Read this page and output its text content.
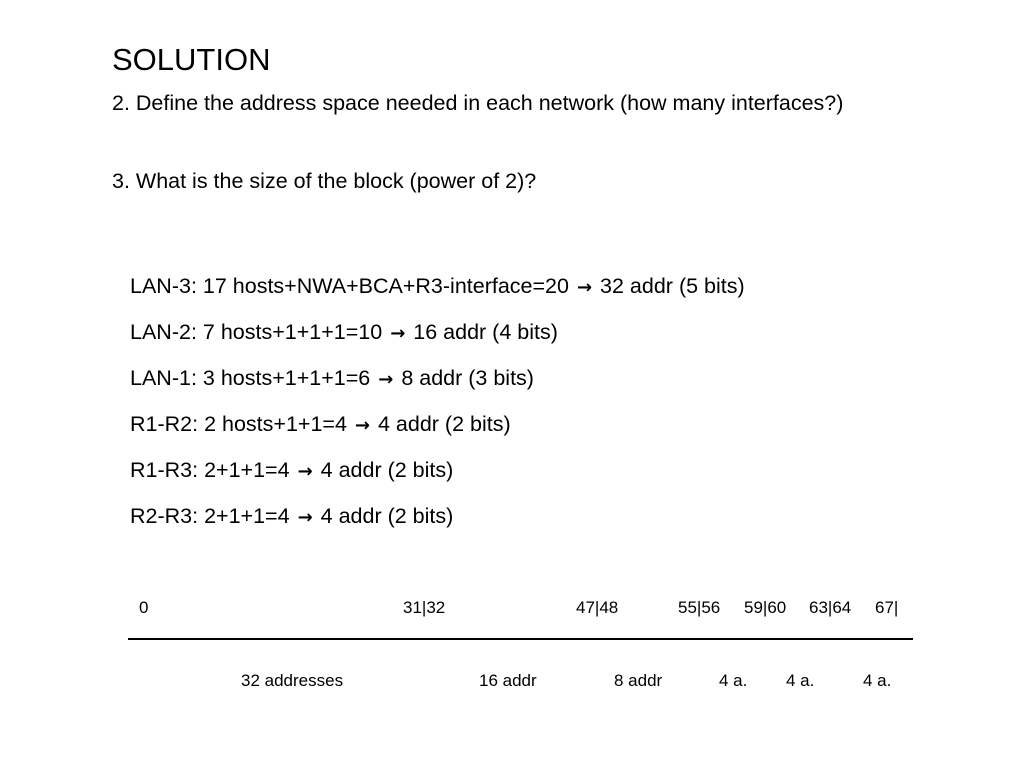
SOLUTION
2. Define the address space needed in each network (how many interfaces?)
3. What is the size of the block (power of 2)?
LAN-3: 17 hosts+NWA+BCA+R3-interface=20 → 32 addr (5 bits)
LAN-2: 7 hosts+1+1+1=10 → 16 addr (4 bits)
LAN-1: 3 hosts+1+1+1=6 → 8 addr (3 bits)
R1-R2: 2 hosts+1+1=4 → 4 addr (2 bits)
R1-R3: 2+1+1=4 → 4 addr (2 bits)
R2-R3: 2+1+1=4 → 4 addr (2 bits)
0	31|32	47|48	55|56 59|60 63|64 67|
32 addresses	16 addr	8 addr	4 a. 4 a.	4 a.
